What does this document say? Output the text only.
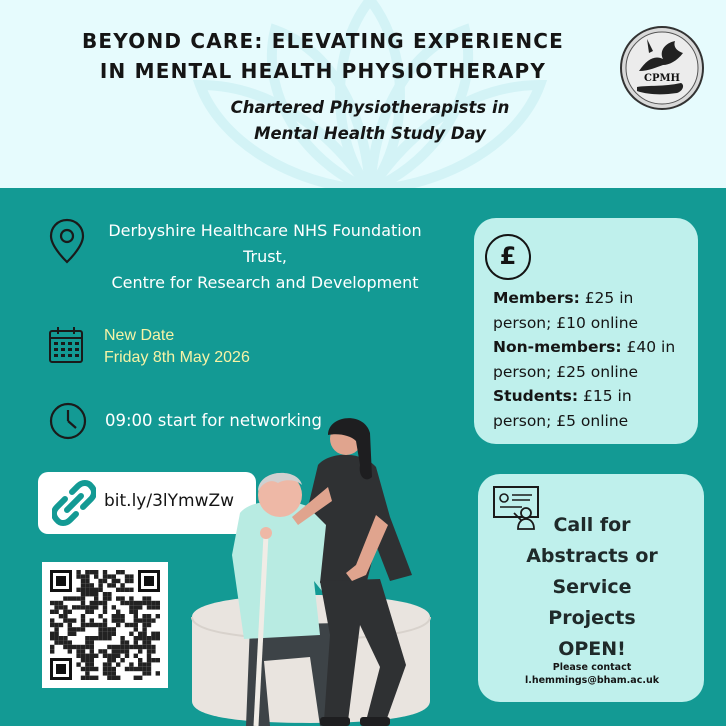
BEYOND CARE: ELEVATING EXPERIENCE
IN MENTAL HEALTH PHYSIOTHERAPY
Chartered Physiotherapists in
Mental Health Study Day
CPMH
Derbyshire Healthcare NHS Foundation
Trust,
Centre for Research and Development
New Date
Friday 8th May 2026
09:00 start for networking
bit.ly/3lYmwZw
£
Members: £25 in
person; £10 online
Non-members: £40 in
person; £25 online
Students: £15 in
person; £5 online
Call for
Abstracts or
Service
Projects
OPEN!
Please contact
l.hemmings@bham.ac.uk
